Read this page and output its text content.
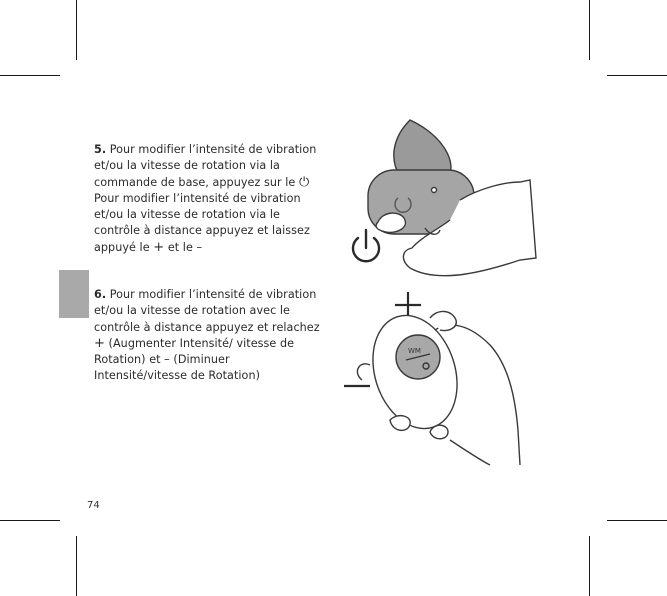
5. Pour modifier l’intensité de vibration et/ou la vitesse de rotation via la commande de base, appuyez sur le ⏻ Pour modifier l’intensité de vibration et/ou la vitesse de rotation via le contrôle à distance appuyez et laissez appuyé le + et le –
6. Pour modifier l’intensité de vibration et/ou la vitesse de rotation avec le contrôle à distance appuyez et relachez + (Augmenter Intensité/ vitesse de Rotation) et – (Diminuer Intensité/vitesse de Rotation)
WM
74
